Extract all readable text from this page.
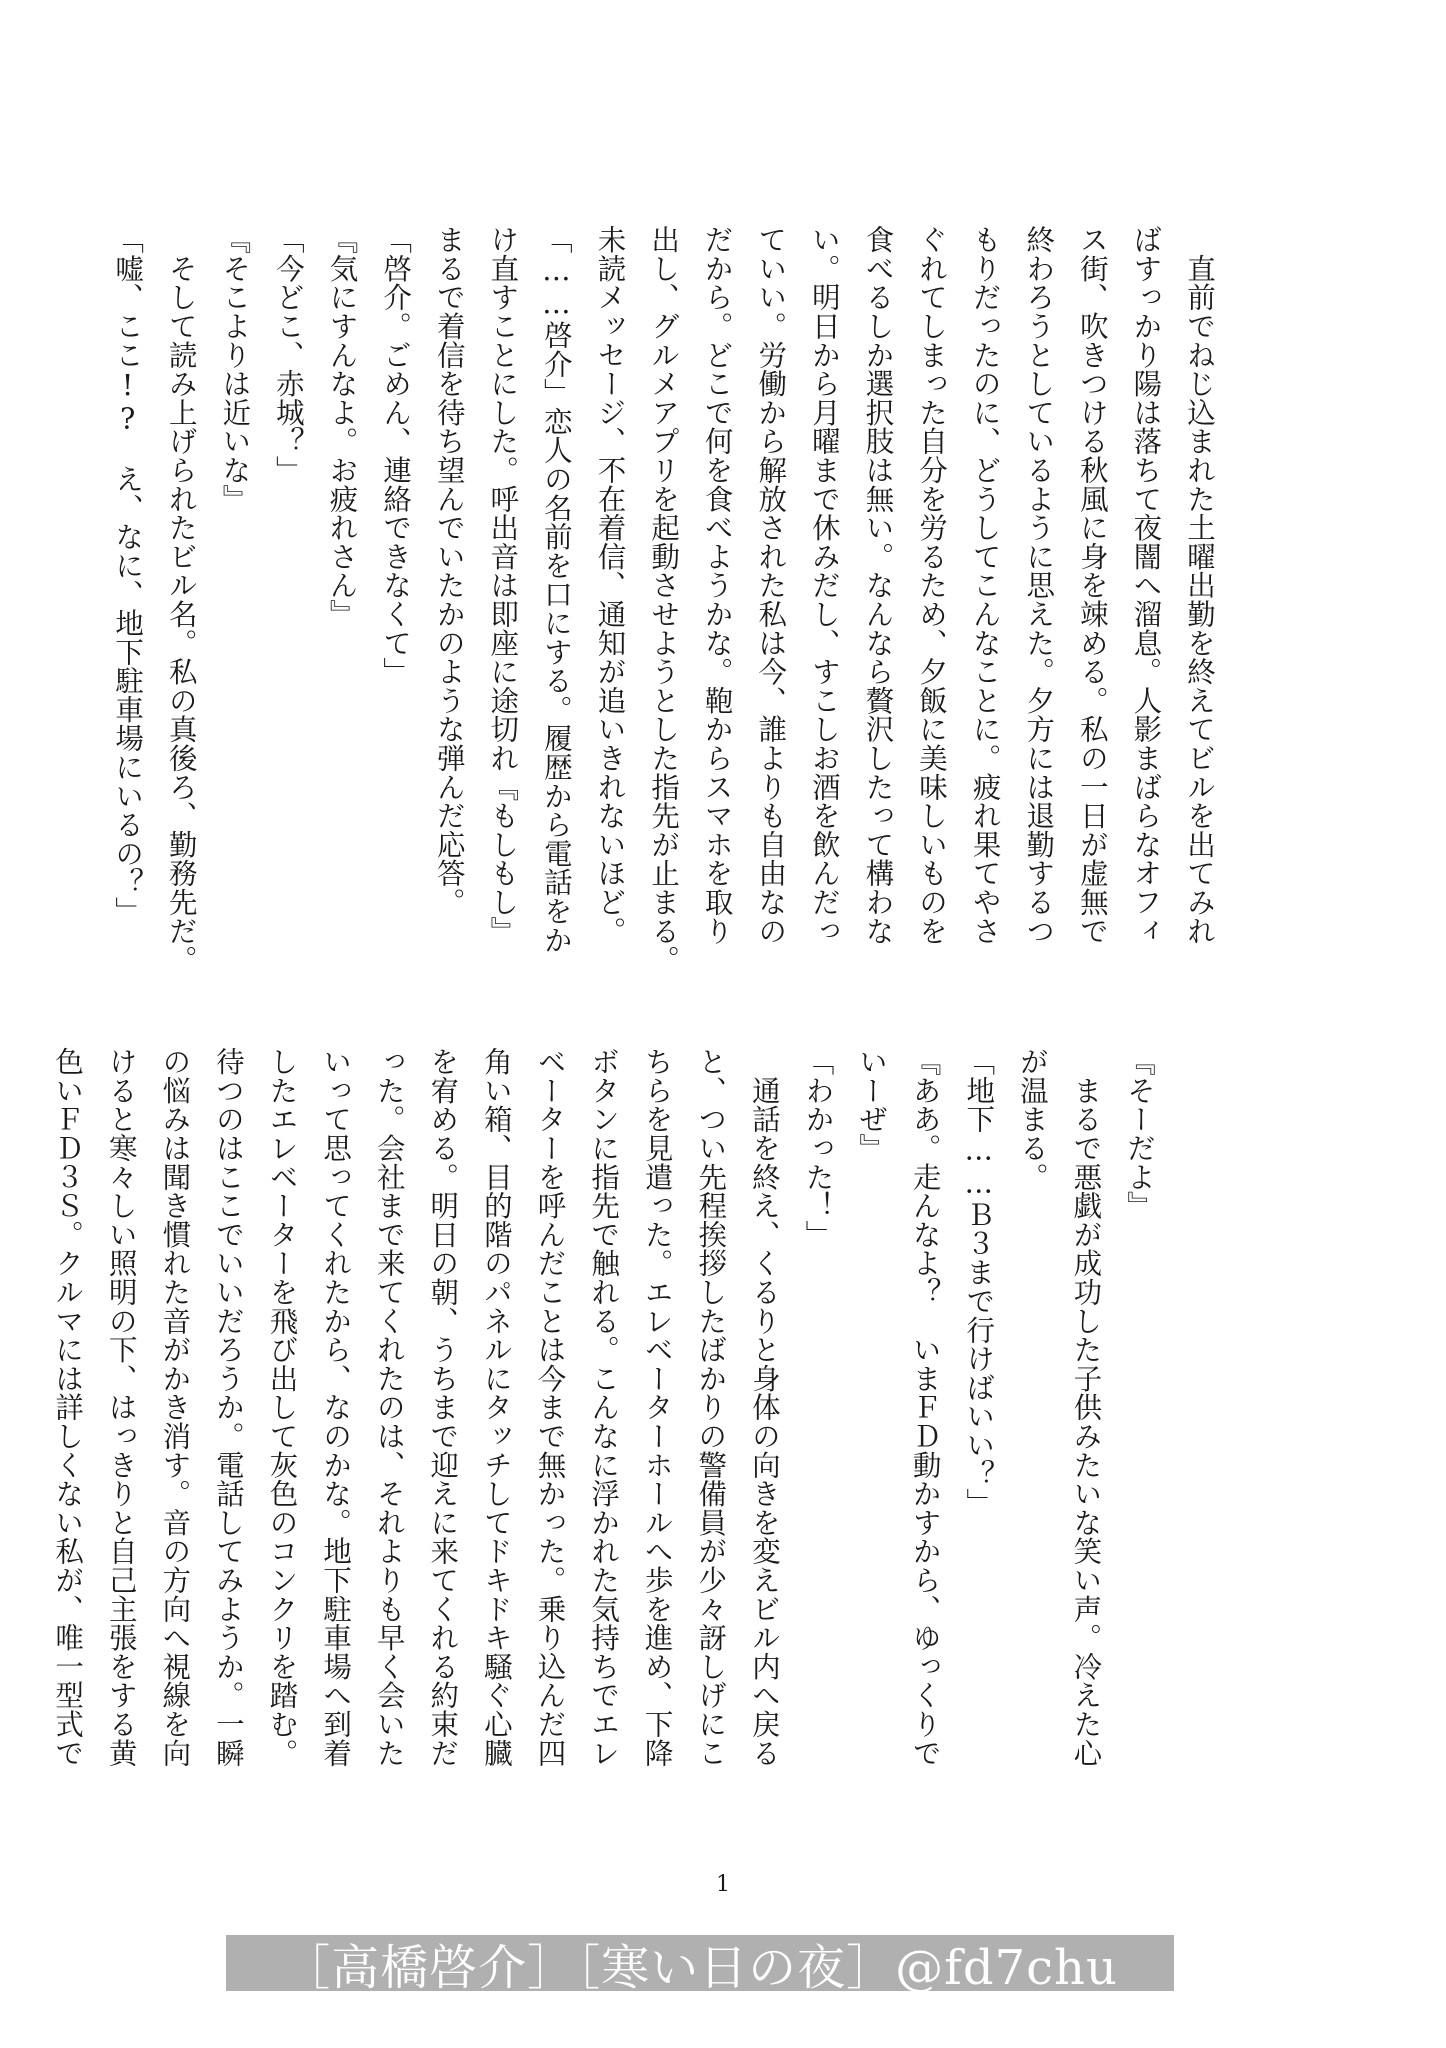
　直前でねじ込まれた土曜出勤を終えてビルを出てみれ
ばすっかり陽は落ちて夜闇へ溜息。人影まばらなオフィ
ス街、吹きつける秋風に身を竦める。私の一日が虚無で
終わろうとしているように思えた。夕方には退勤するつ
もりだったのに、どうしてこんなことに。疲れ果てやさ
ぐれてしまった自分を労るため、夕飯に美味しいものを
食べるしか選択肢は無い。なんなら贅沢したって構わな
い。明日から月曜まで休みだし、すこしお酒を飲んだっ
ていい。労働から解放された私は今、誰よりも自由なの
だから。どこで何を食べようかな。鞄からスマホを取り
出し、グルメアプリを起動させようとした指先が止まる。
未読メッセージ、不在着信、通知が追いきれないほど。
「……啓介」恋人の名前を口にする。履歴から電話をか
け直すことにした。呼出音は即座に途切れ『もしもし』
まるで着信を待ち望んでいたかのような弾んだ応答。
「啓介。ごめん、連絡できなくて」
『気にすんなよ。お疲れさん』
「今どこ、赤城？」
『そこよりは近いな』
　そして読み上げられたビル名。私の真後ろ、勤務先だ。
「嘘、ここ!?　え、なに、地下駐車場にいるの？」
『そーだよ』
　まるで悪戯が成功した子供みたいな笑い声。冷えた心
が温まる。
「地下……Ｂ３まで行けばいい？」
『ああ。走んなよ？　いまＦＤ動かすから、ゆっくりで
いーぜ』
「わかった！」
　通話を終え、くるりと身体の向きを変えビル内へ戻る
と、つい先程挨拶したばかりの警備員が少々訝しげにこ
ちらを見遣った。エレベーターホールへ歩を進め、下降
ボタンに指先で触れる。こんなに浮かれた気持ちでエレ
ベーターを呼んだことは今まで無かった。乗り込んだ四
角い箱、目的階のパネルにタッチしてドキドキ騒ぐ心臓
を宥める。明日の朝、うちまで迎えに来てくれる約束だ
った。会社まで来てくれたのは、それよりも早く会いた
いって思ってくれたから、なのかな。地下駐車場へ到着
したエレベーターを飛び出して灰色のコンクリを踏む。
待つのはここでいいだろうか。電話してみようか。一瞬
の悩みは聞き慣れた音がかき消す。音の方向へ視線を向
けると寒々しい照明の下、はっきりと自己主張をする黄
色いＦＤ３Ｓ。クルマには詳しくない私が、唯一型式で
1
［高橋啓介］［寒い日の夜］@fd7chu
